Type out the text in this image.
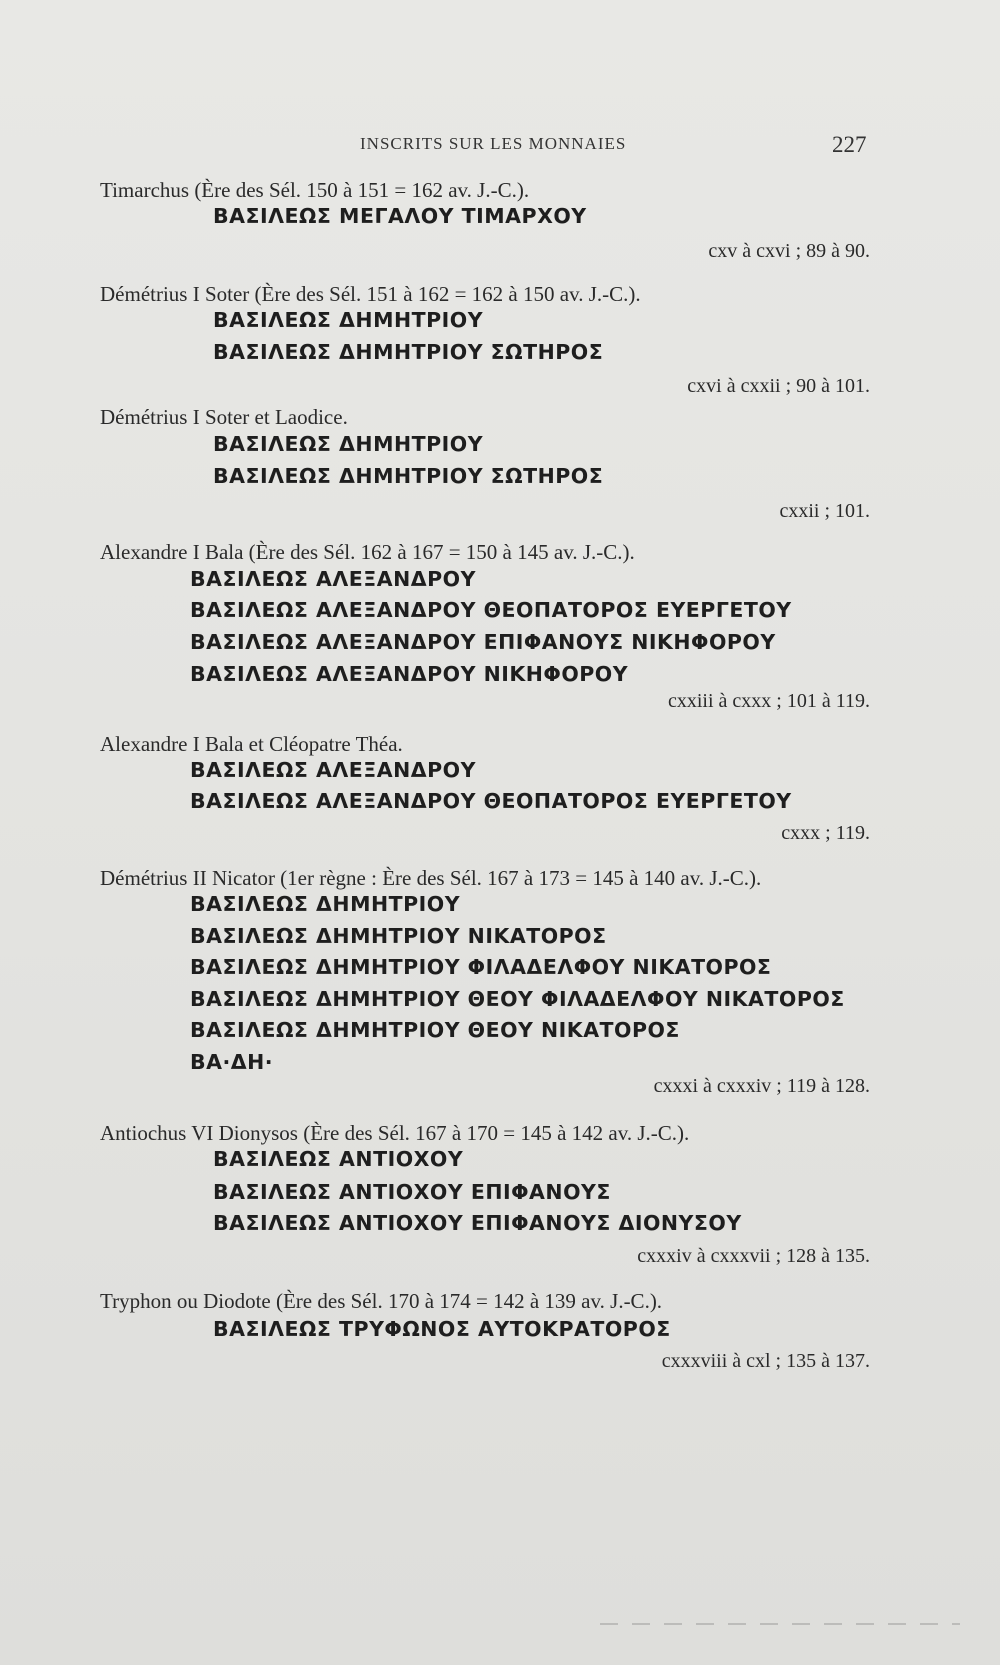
INSCRITS SUR LES MONNAIES	227
Timarchus (Ère des Sél. 150 à 151 = 162 av. J.-C.).
ΒΑΣΙΛΕΩΣ ΜΕΓΑΛΟΥ ΤΙΜΑΡΧΟΥ
cxv à cxvi ; 89 à 90.
Démétrius I Soter (Ère des Sél. 151 à 162 = 162 à 150 av. J.-C.).
ΒΑΣΙΛΕΩΣ ΔΗΜΗΤΡΙΟΥ
ΒΑΣΙΛΕΩΣ ΔΗΜΗΤΡΙΟΥ ΣΩΤΗΡΟΣ
cxvi à cxxii ; 90 à 101.
Démétrius I Soter et Laodice.
ΒΑΣΙΛΕΩΣ ΔΗΜΗΤΡΙΟΥ
ΒΑΣΙΛΕΩΣ ΔΗΜΗΤΡΙΟΥ ΣΩΤΗΡΟΣ
cxxii ; 101.
Alexandre I Bala (Ère des Sél. 162 à 167 = 150 à 145 av. J.-C.).
ΒΑΣΙΛΕΩΣ ΑΛΕΞΑΝΔΡΟΥ
ΒΑΣΙΛΕΩΣ ΑΛΕΞΑΝΔΡΟΥ ΘΕΟΠΑΤΟΡΟΣ ΕΥΕΡΓΕΤΟΥ
ΒΑΣΙΛΕΩΣ ΑΛΕΞΑΝΔΡΟΥ ΕΠΙΦΑΝΟΥΣ ΝΙΚΗΦΟΡΟΥ
ΒΑΣΙΛΕΩΣ ΑΛΕΞΑΝΔΡΟΥ ΝΙΚΗΦΟΡΟΥ
cxxiii à cxxx ; 101 à 119.
Alexandre I Bala et Cléopatre Théa.
ΒΑΣΙΛΕΩΣ ΑΛΕΞΑΝΔΡΟΥ
ΒΑΣΙΛΕΩΣ ΑΛΕΞΑΝΔΡΟΥ ΘΕΟΠΑΤΟΡΟΣ ΕΥΕΡΓΕΤΟΥ
cxxx ; 119.
Démétrius II Nicator (1er règne : Ère des Sél. 167 à 173 = 145 à 140 av. J.-C.).
ΒΑΣΙΛΕΩΣ ΔΗΜΗΤΡΙΟΥ
ΒΑΣΙΛΕΩΣ ΔΗΜΗΤΡΙΟΥ ΝΙΚΑΤΟΡΟΣ
ΒΑΣΙΛΕΩΣ ΔΗΜΗΤΡΙΟΥ ΦΙΛΑΔΕΛΦΟΥ ΝΙΚΑΤΟΡΟΣ
ΒΑΣΙΛΕΩΣ ΔΗΜΗΤΡΙΟΥ ΘΕΟΥ ΦΙΛΑΔΕΛΦΟΥ ΝΙΚΑΤΟΡΟΣ
ΒΑΣΙΛΕΩΣ ΔΗΜΗΤΡΙΟΥ ΘΕΟΥ ΝΙΚΑΤΟΡΟΣ
ΒΑ·ΔΗ·
cxxxi à cxxxiv ; 119 à 128.
Antiochus VI Dionysos (Ère des Sél. 167 à 170 = 145 à 142 av. J.-C.).
ΒΑΣΙΛΕΩΣ ΑΝΤΙΟΧΟΥ
ΒΑΣΙΛΕΩΣ ΑΝΤΙΟΧΟΥ ΕΠΙΦΑΝΟΥΣ
ΒΑΣΙΛΕΩΣ ΑΝΤΙΟΧΟΥ ΕΠΙΦΑΝΟΥΣ ΔΙΟΝΥΣΟΥ
cxxxiv à cxxxvii ; 128 à 135.
Tryphon ou Diodote (Ère des Sél. 170 à 174 = 142 à 139 av. J.-C.).
ΒΑΣΙΛΕΩΣ ΤΡΥΦΩΝΟΣ ΑΥΤΟΚΡΑΤΟΡΟΣ
cxxxviii à cxl ; 135 à 137.
